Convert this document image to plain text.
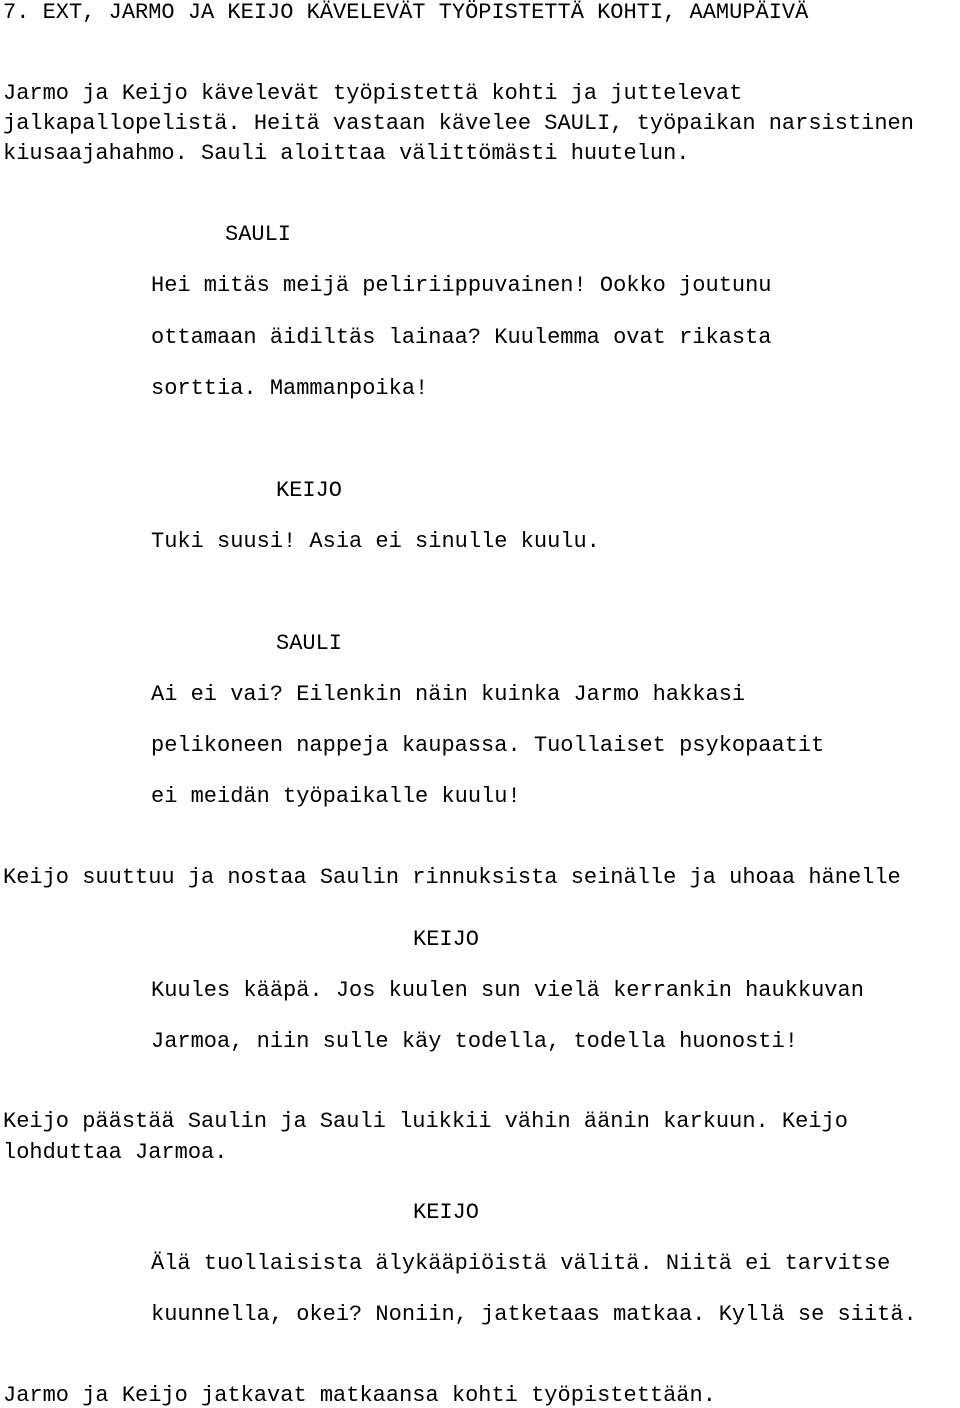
7. EXT, JARMO JA KEIJO KÄVELEVÄT TYÖPISTETTÄ KOHTI, AAMUPÄIVÄ

Jarmo ja Keijo kävelevät työpistettä kohti ja juttelevat

jalkapallopelistä. Heitä vastaan kävelee SAULI, työpaikan narsistinen

kiusaajahahmo. Sauli aloittaa välittömästi huutelun.

SAULI

Hei mitäs meijä peliriippuvainen! Ookko joutunu

ottamaan äidiltäs lainaa? Kuulemma ovat rikasta

sorttia. Mammanpoika!

KEIJO

Tuki suusi! Asia ei sinulle kuulu.

SAULI

Ai ei vai? Eilenkin näin kuinka Jarmo hakkasi

pelikoneen nappeja kaupassa. Tuollaiset psykopaatit

ei meidän työpaikalle kuulu!

Keijo suuttuu ja nostaa Saulin rinnuksista seinälle ja uhoaa hänelle

KEIJO

Kuules kääpä. Jos kuulen sun vielä kerrankin haukkuvan

Jarmoa, niin sulle käy todella, todella huonosti!

Keijo päästää Saulin ja Sauli luikkii vähin äänin karkuun. Keijo

lohduttaa Jarmoa.

KEIJO

Älä tuollaisista älykääpiöistä välitä. Niitä ei tarvitse

kuunnella, okei? Noniin, jatketaas matkaa. Kyllä se siitä.

Jarmo ja Keijo jatkavat matkaansa kohti työpistettään.
